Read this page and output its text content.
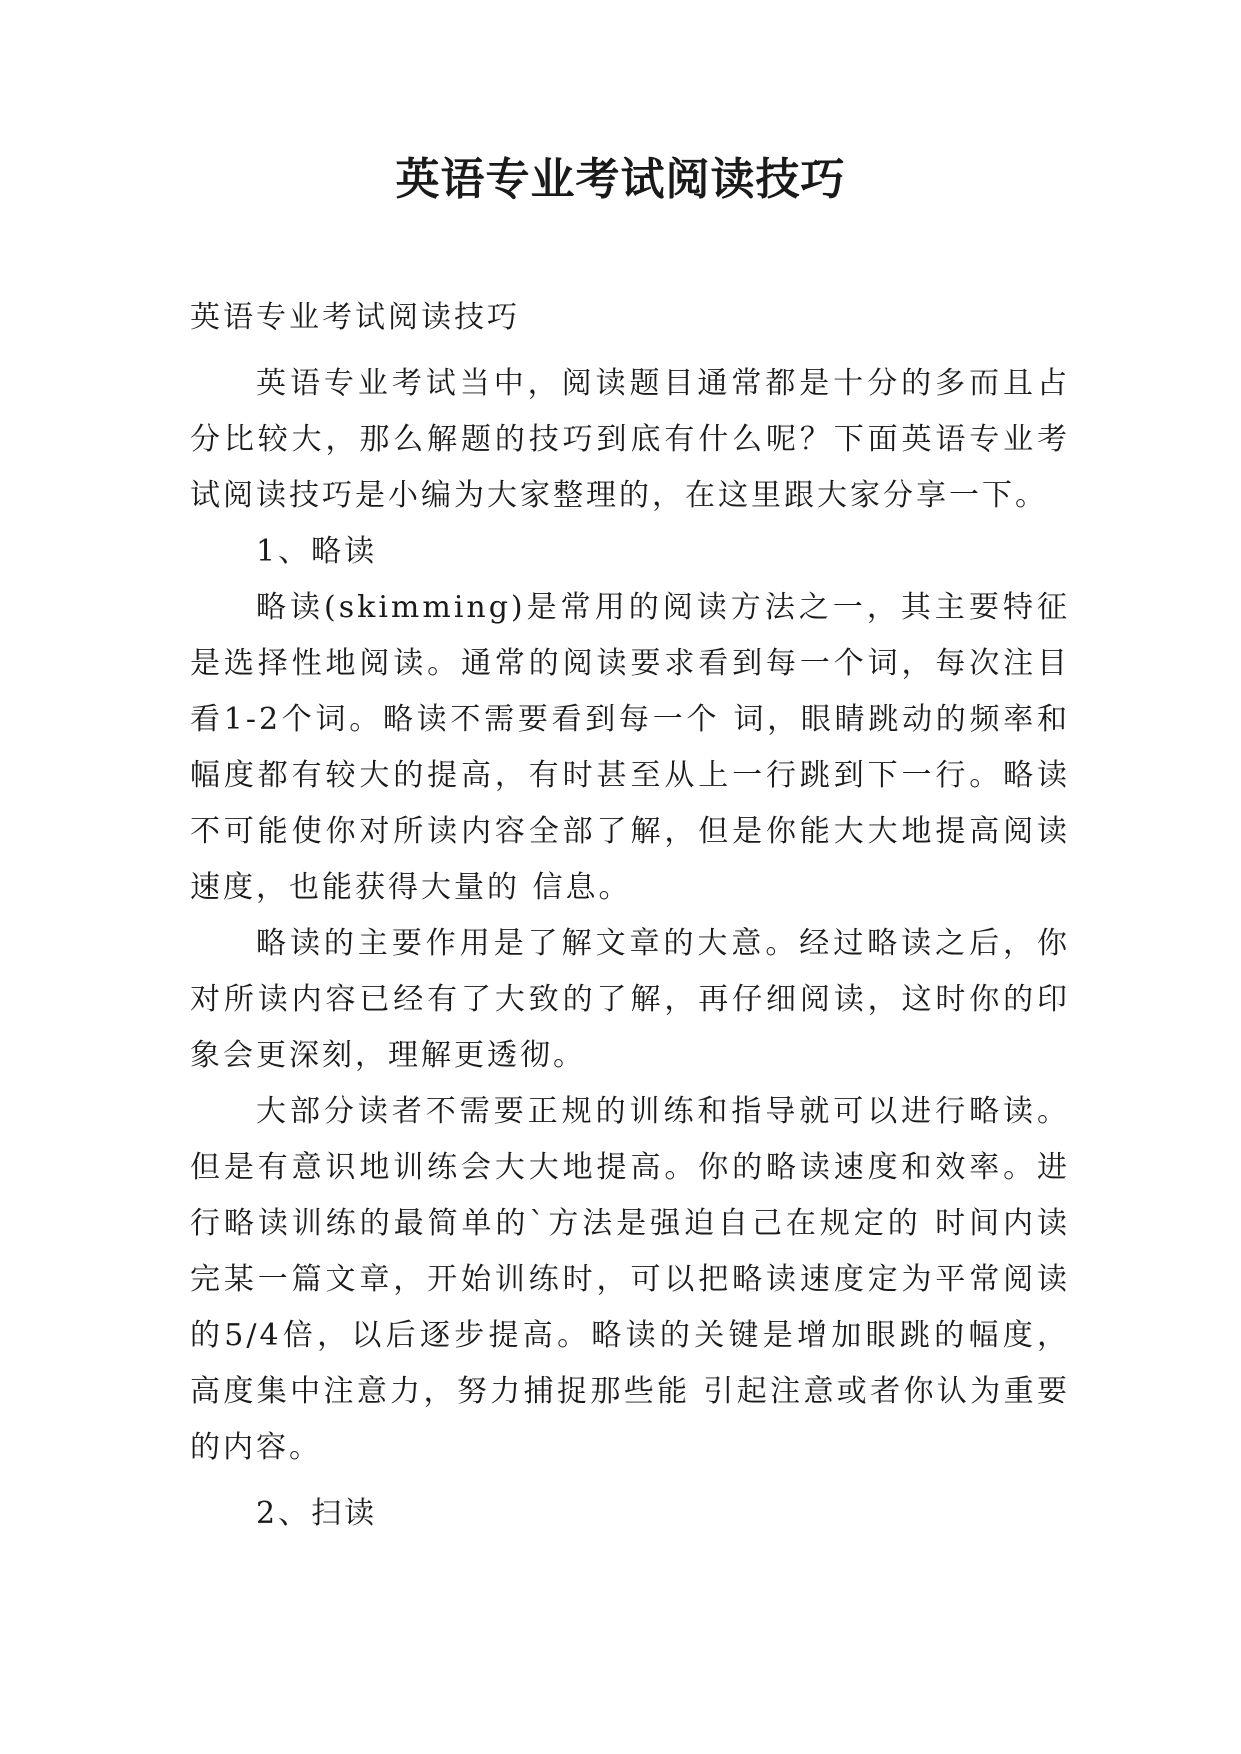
英语专业考试阅读技巧

英语专业考试阅读技巧

英语专业考试当中，阅读题目通常都是十分的多而且占分比较大，那么解题的技巧到底有什么呢？下面英语专业考试阅读技巧是小编为大家整理的，在这里跟大家分享一下。

1、略读

略读(skimming)是常用的阅读方法之一，其主要特征是选择性地阅读。通常的阅读要求看到每一个词，每次注目看1-2个词。略读不需要看到每一个 词，眼睛跳动的频率和幅度都有较大的提高，有时甚至从上一行跳到下一行。略读不可能使你对所读内容全部了解，但是你能大大地提高阅读速度，也能获得大量的 信息。

略读的主要作用是了解文章的大意。经过略读之后，你对所读内容已经有了大致的了解，再仔细阅读，这时你的印象会更深刻，理解更透彻。

大部分读者不需要正规的训练和指导就可以进行略读。但是有意识地训练会大大地提高。你的略读速度和效率。进行略读训练的最简单的`方法是强迫自己在规定的 时间内读完某一篇文章，开始训练时，可以把略读速度定为平常阅读的5/4倍，以后逐步提高。略读的关键是增加眼跳的幅度，高度集中注意力，努力捕捉那些能 引起注意或者你认为重要的内容。

2、扫读
